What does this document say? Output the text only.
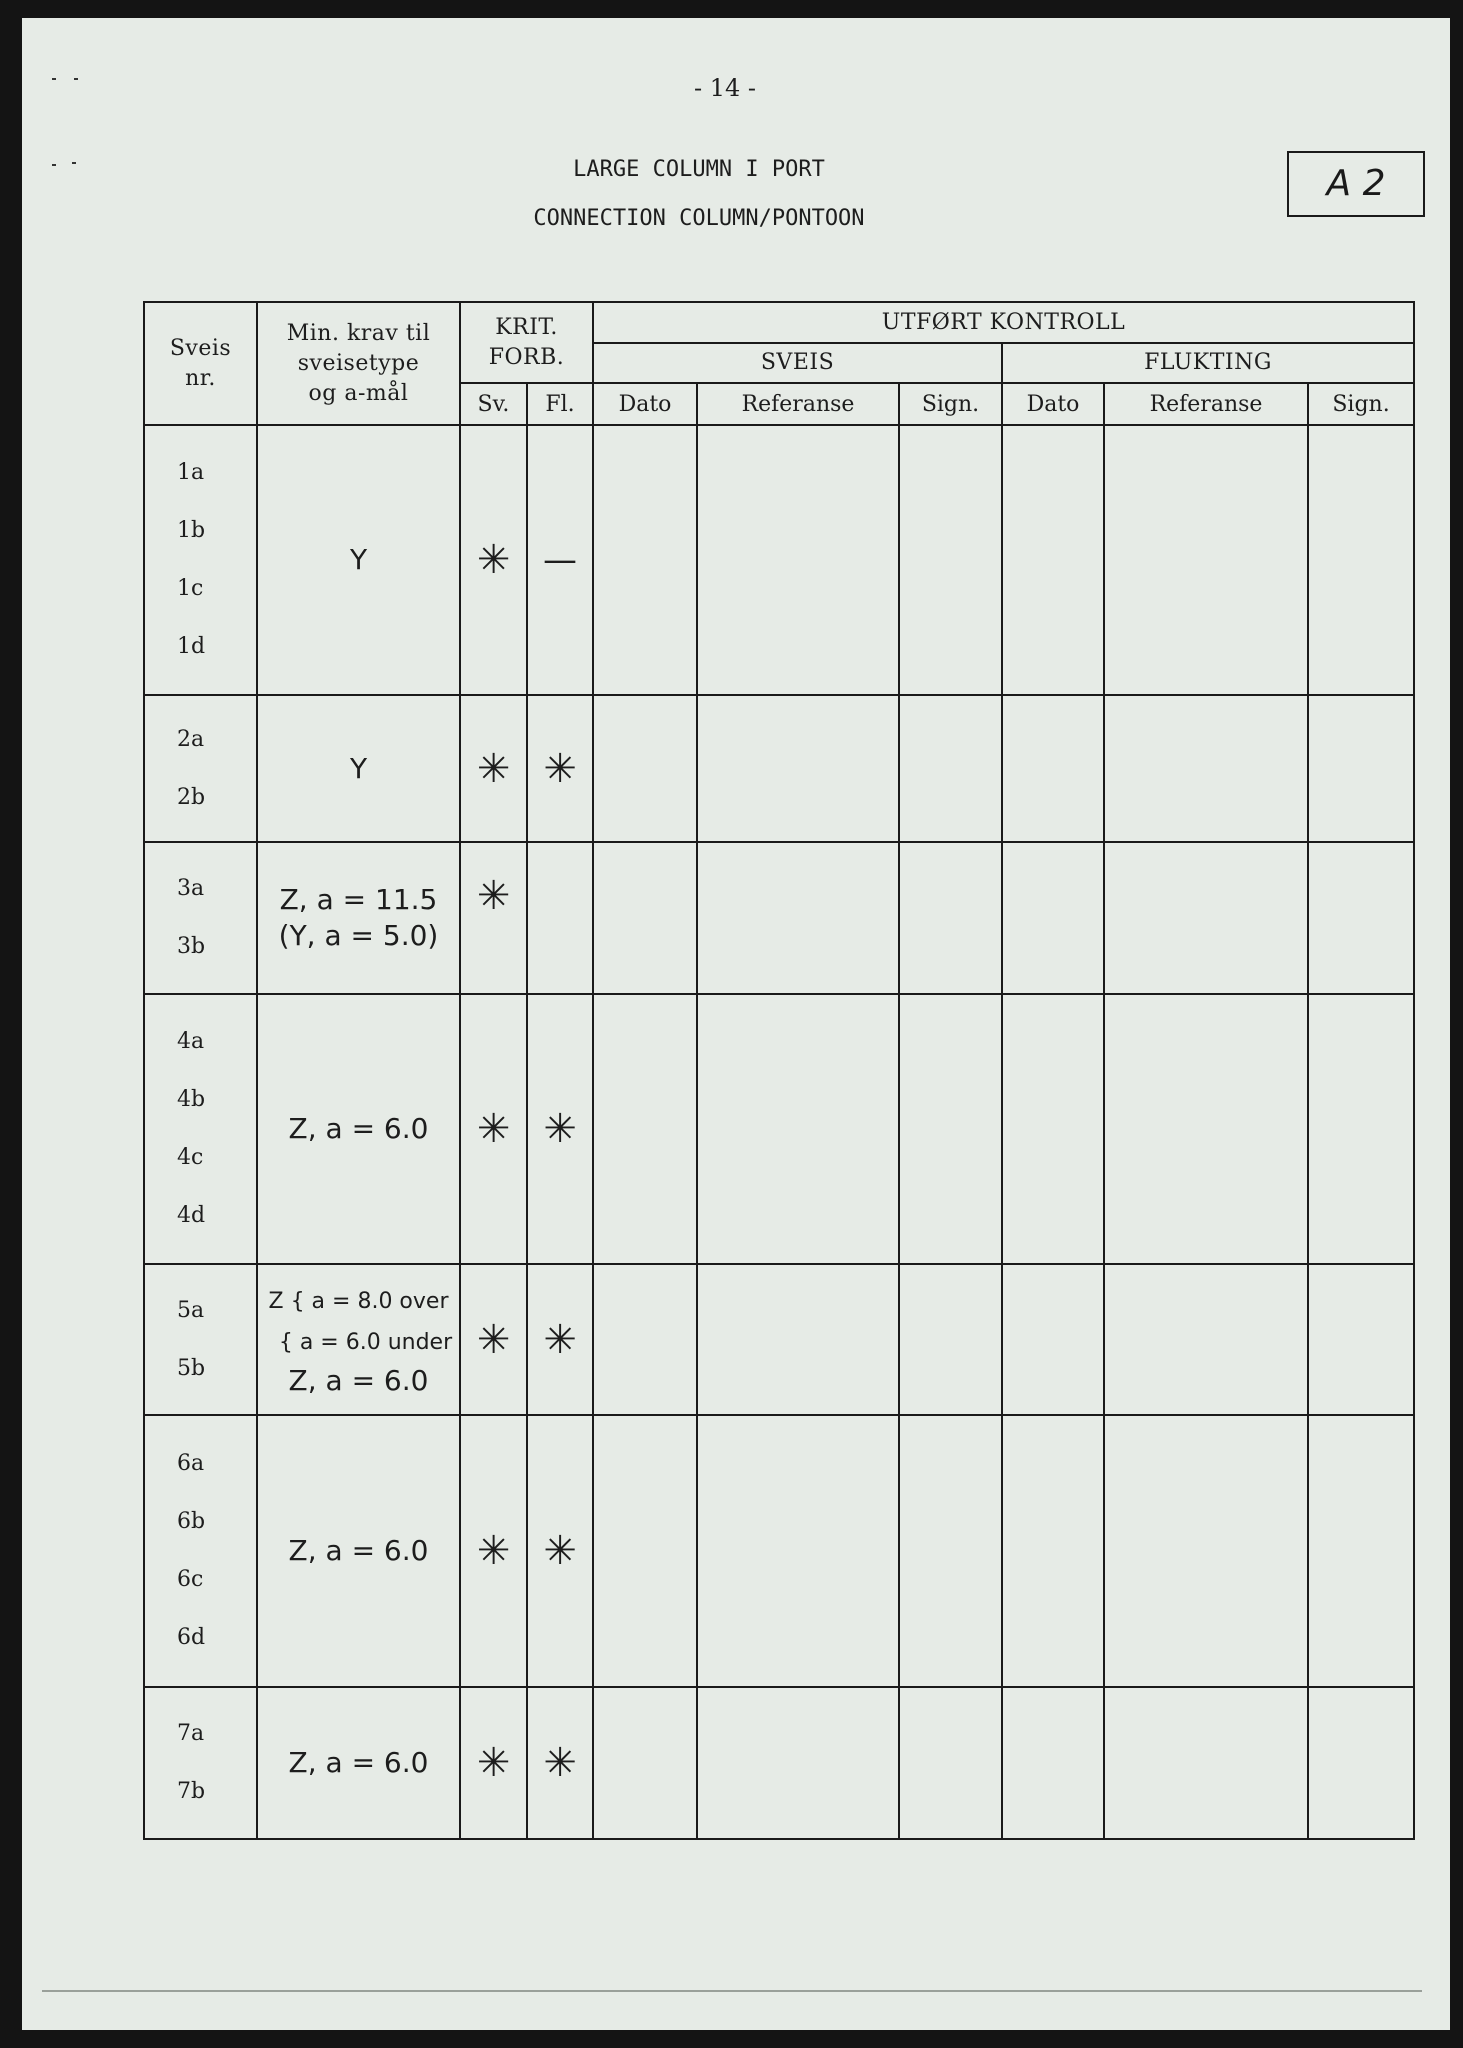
- 14 -
LARGE COLUMN I PORT
CONNECTION COLUMN/PONTOON
A 2
Sveis
nr.	Min. krav til
sveisetype
og a-mål	KRIT.
FORB.		UTFØRT KONTROLL					
				SVEIS			FLUKTING		
		Sv.	Fl.	Dato	Referanse	Sign.	Dato	Referanse	Sign.

1a
1b
1c
1d	Y	✳	—						

2a
2b	Y	✳	✳						

3a
3b	Z, a = 11.5
(Y, a = 5.0)	✳							

4a
4b
4c
4d	Z, a = 6.0	✳	✳						

5a
5b	Z { a = 8.0 over
{ a = 6.0 under
Z, a = 6.0	✳	✳						

6a
6b
6c
6d	Z, a = 6.0	✳	✳						

7a
7b	Z, a = 6.0	✳	✳						
